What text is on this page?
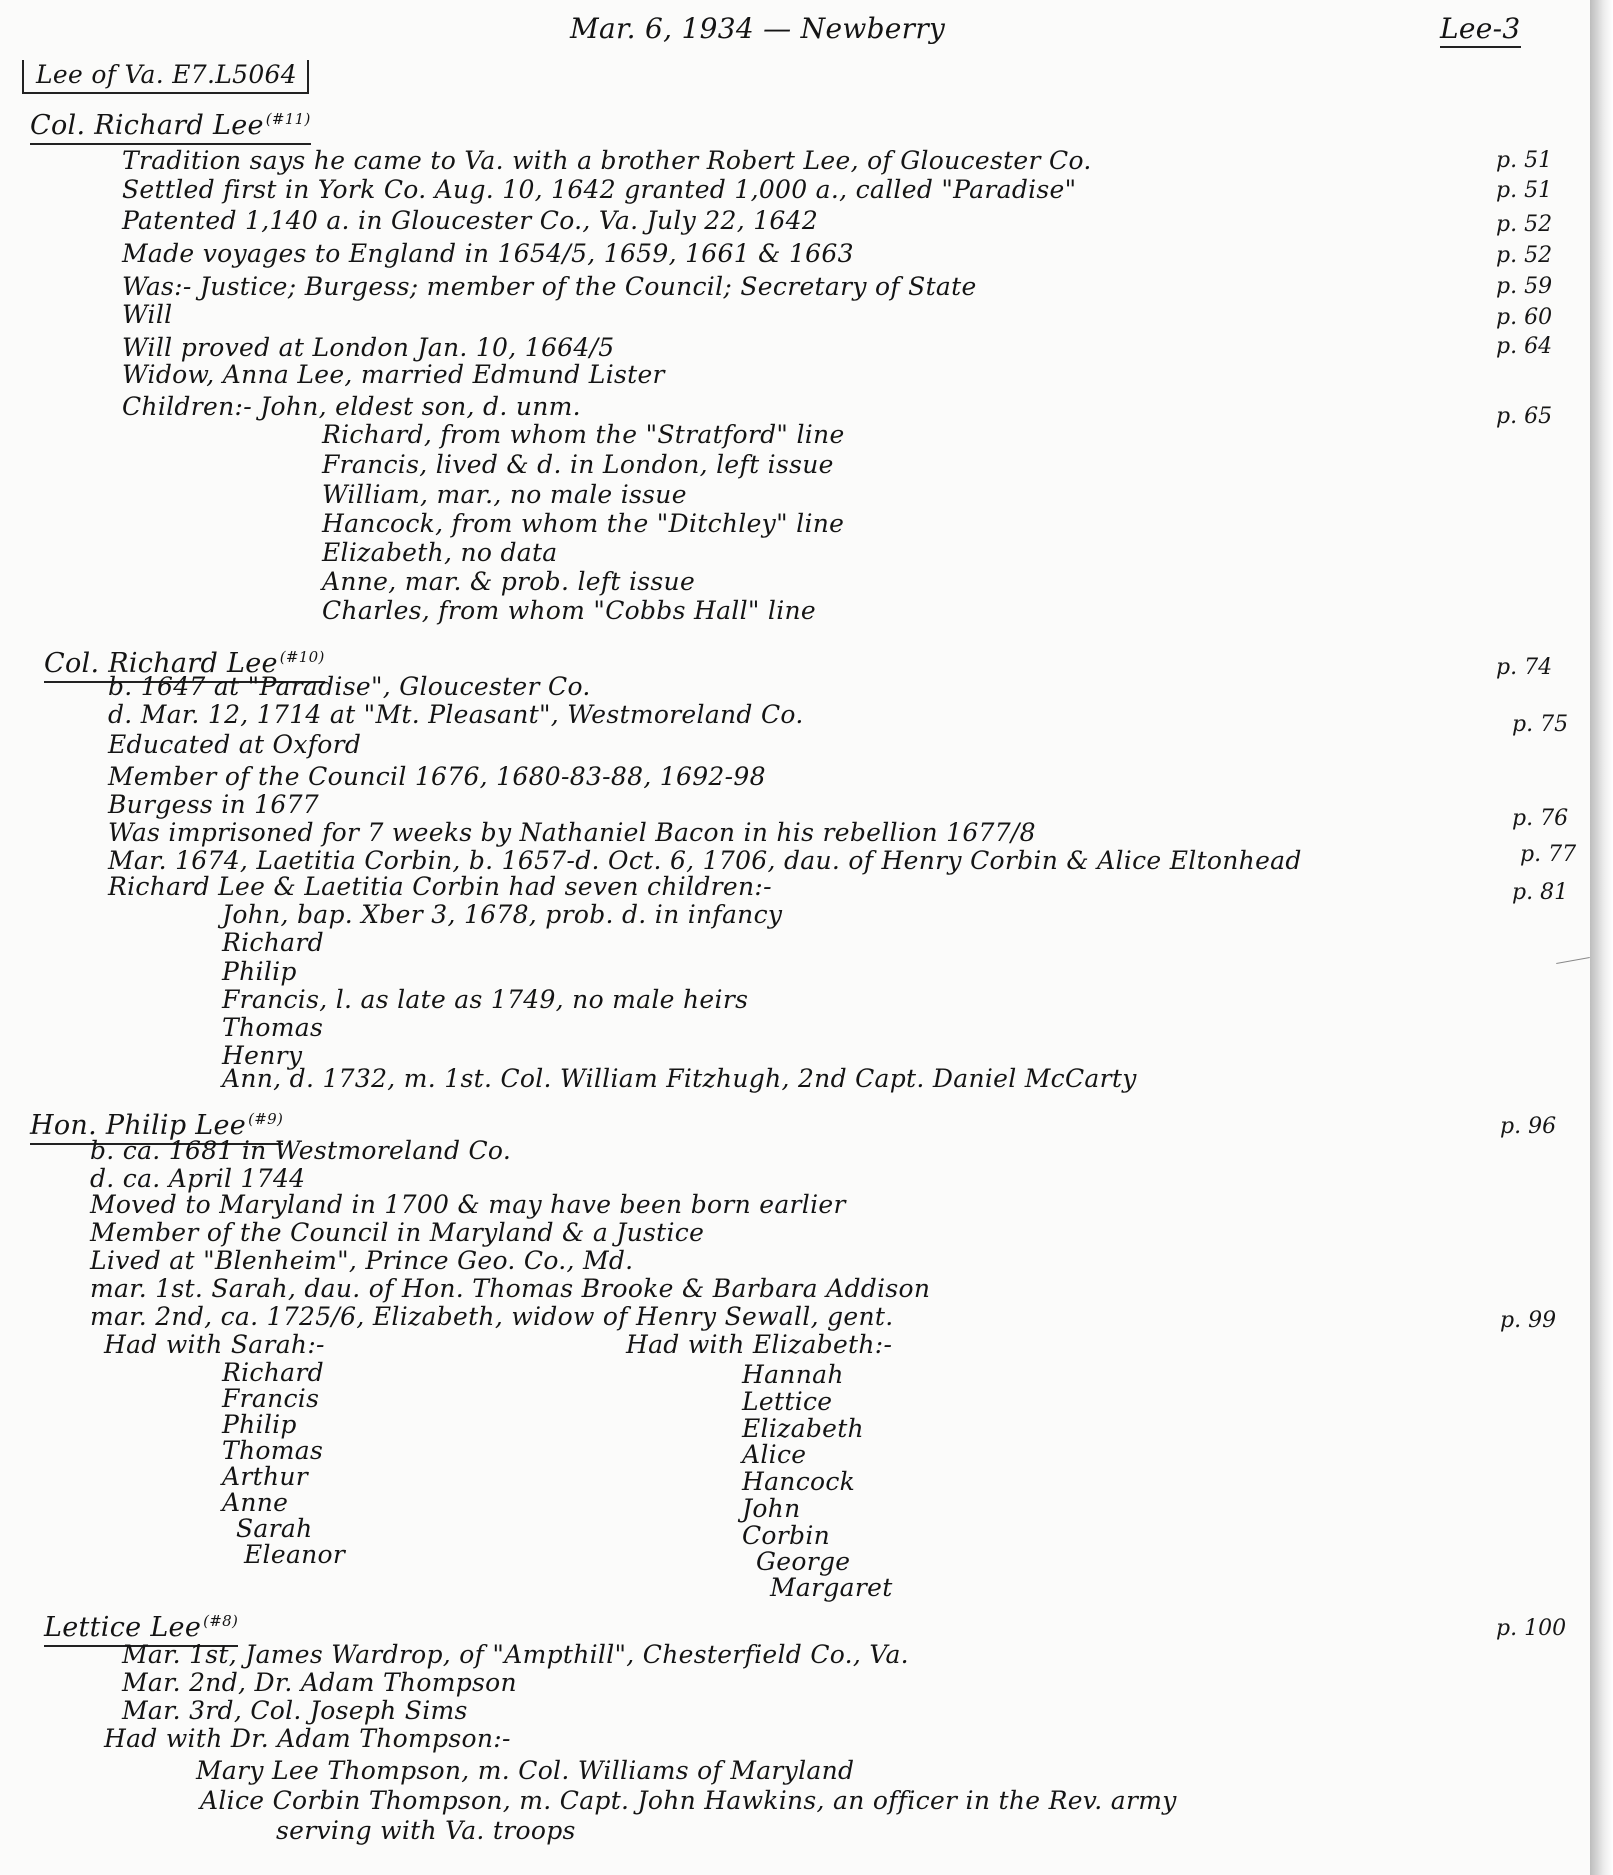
Mar. 6, 1934 — Newberry	Lee-3
Lee of Va. E7.L5064
Col. Richard Lee $^{(\#11)}$
Tradition says he came to Va. with a brother Robert Lee, of Gloucester Co.	p. 51
Settled first in York Co. Aug. 10, 1642 granted 1,000 a., called "Paradise"	p. 51
Patented 1,140 a. in Gloucester Co., Va. July 22, 1642	p. 52
Made voyages to England in 1654/5, 1659, 1661 & 1663	p. 52
Was:- Justice; Burgess; member of the Council; Secretary of State	p. 59
Will	p. 60
Will proved at London Jan. 10, 1664/5	p. 64
Widow, Anna Lee, married Edmund Lister
Children:- John, eldest son, d. unm.	p. 65
Richard, from whom the "Stratford" line
Francis, lived & d. in London, left issue
William, mar., no male issue
Hancock, from whom the "Ditchley" line
Elizabeth, no data
Anne, mar. & prob. left issue
Charles, from whom "Cobbs Hall" line
Col. Richard Lee $^{(\#10)}$	p. 74
b. 1647 at "Paradise", Gloucester Co.
d. Mar. 12, 1714 at "Mt. Pleasant", Westmoreland Co.	p. 75
Educated at Oxford
Member of the Council 1676, 1680-83-88, 1692-98
Burgess in 1677
Was imprisoned for 7 weeks by Nathaniel Bacon in his rebellion 1677/8	p. 76
Mar. 1674, Laetitia Corbin, b. 1657-d. Oct. 6, 1706, dau. of Henry Corbin & Alice Eltonhead	p. 77
Richard Lee & Laetitia Corbin had seven children:-	p. 81
John, bap. Xber 3, 1678, prob. d. in infancy
Richard
Philip
Francis, l. as late as 1749, no male heirs
Thomas
Henry
Ann, d. 1732, m. 1st. Col. William Fitzhugh, 2nd Capt. Daniel McCarty
Hon. Philip Lee $^{(\#9)}$	p. 96
b. ca. 1681 in Westmoreland Co.
d. ca. April 1744
Moved to Maryland in 1700 & may have been born earlier
Member of the Council in Maryland & a Justice
Lived at "Blenheim", Prince Geo. Co., Md.
mar. 1st. Sarah, dau. of Hon. Thomas Brooke & Barbara Addison
mar. 2nd, ca. 1725/6, Elizabeth, widow of Henry Sewall, gent.	p. 99
Had with Sarah:-	Had with Elizabeth:-
Richard
Francis
Philip
Thomas
Arthur
Anne
Sarah
Eleanor
Hannah
Lettice
Elizabeth
Alice
Hancock
John
Corbin
George
Margaret
Lettice Lee $^{(\#8)}$	p. 100
Mar. 1st, James Wardrop, of "Ampthill", Chesterfield Co., Va.
Mar. 2nd, Dr. Adam Thompson
Mar. 3rd, Col. Joseph Sims
Had with Dr. Adam Thompson:-
Mary Lee Thompson, m. Col. Williams of Maryland
Alice Corbin Thompson, m. Capt. John Hawkins, an officer in the Rev. army
serving with Va. troops
